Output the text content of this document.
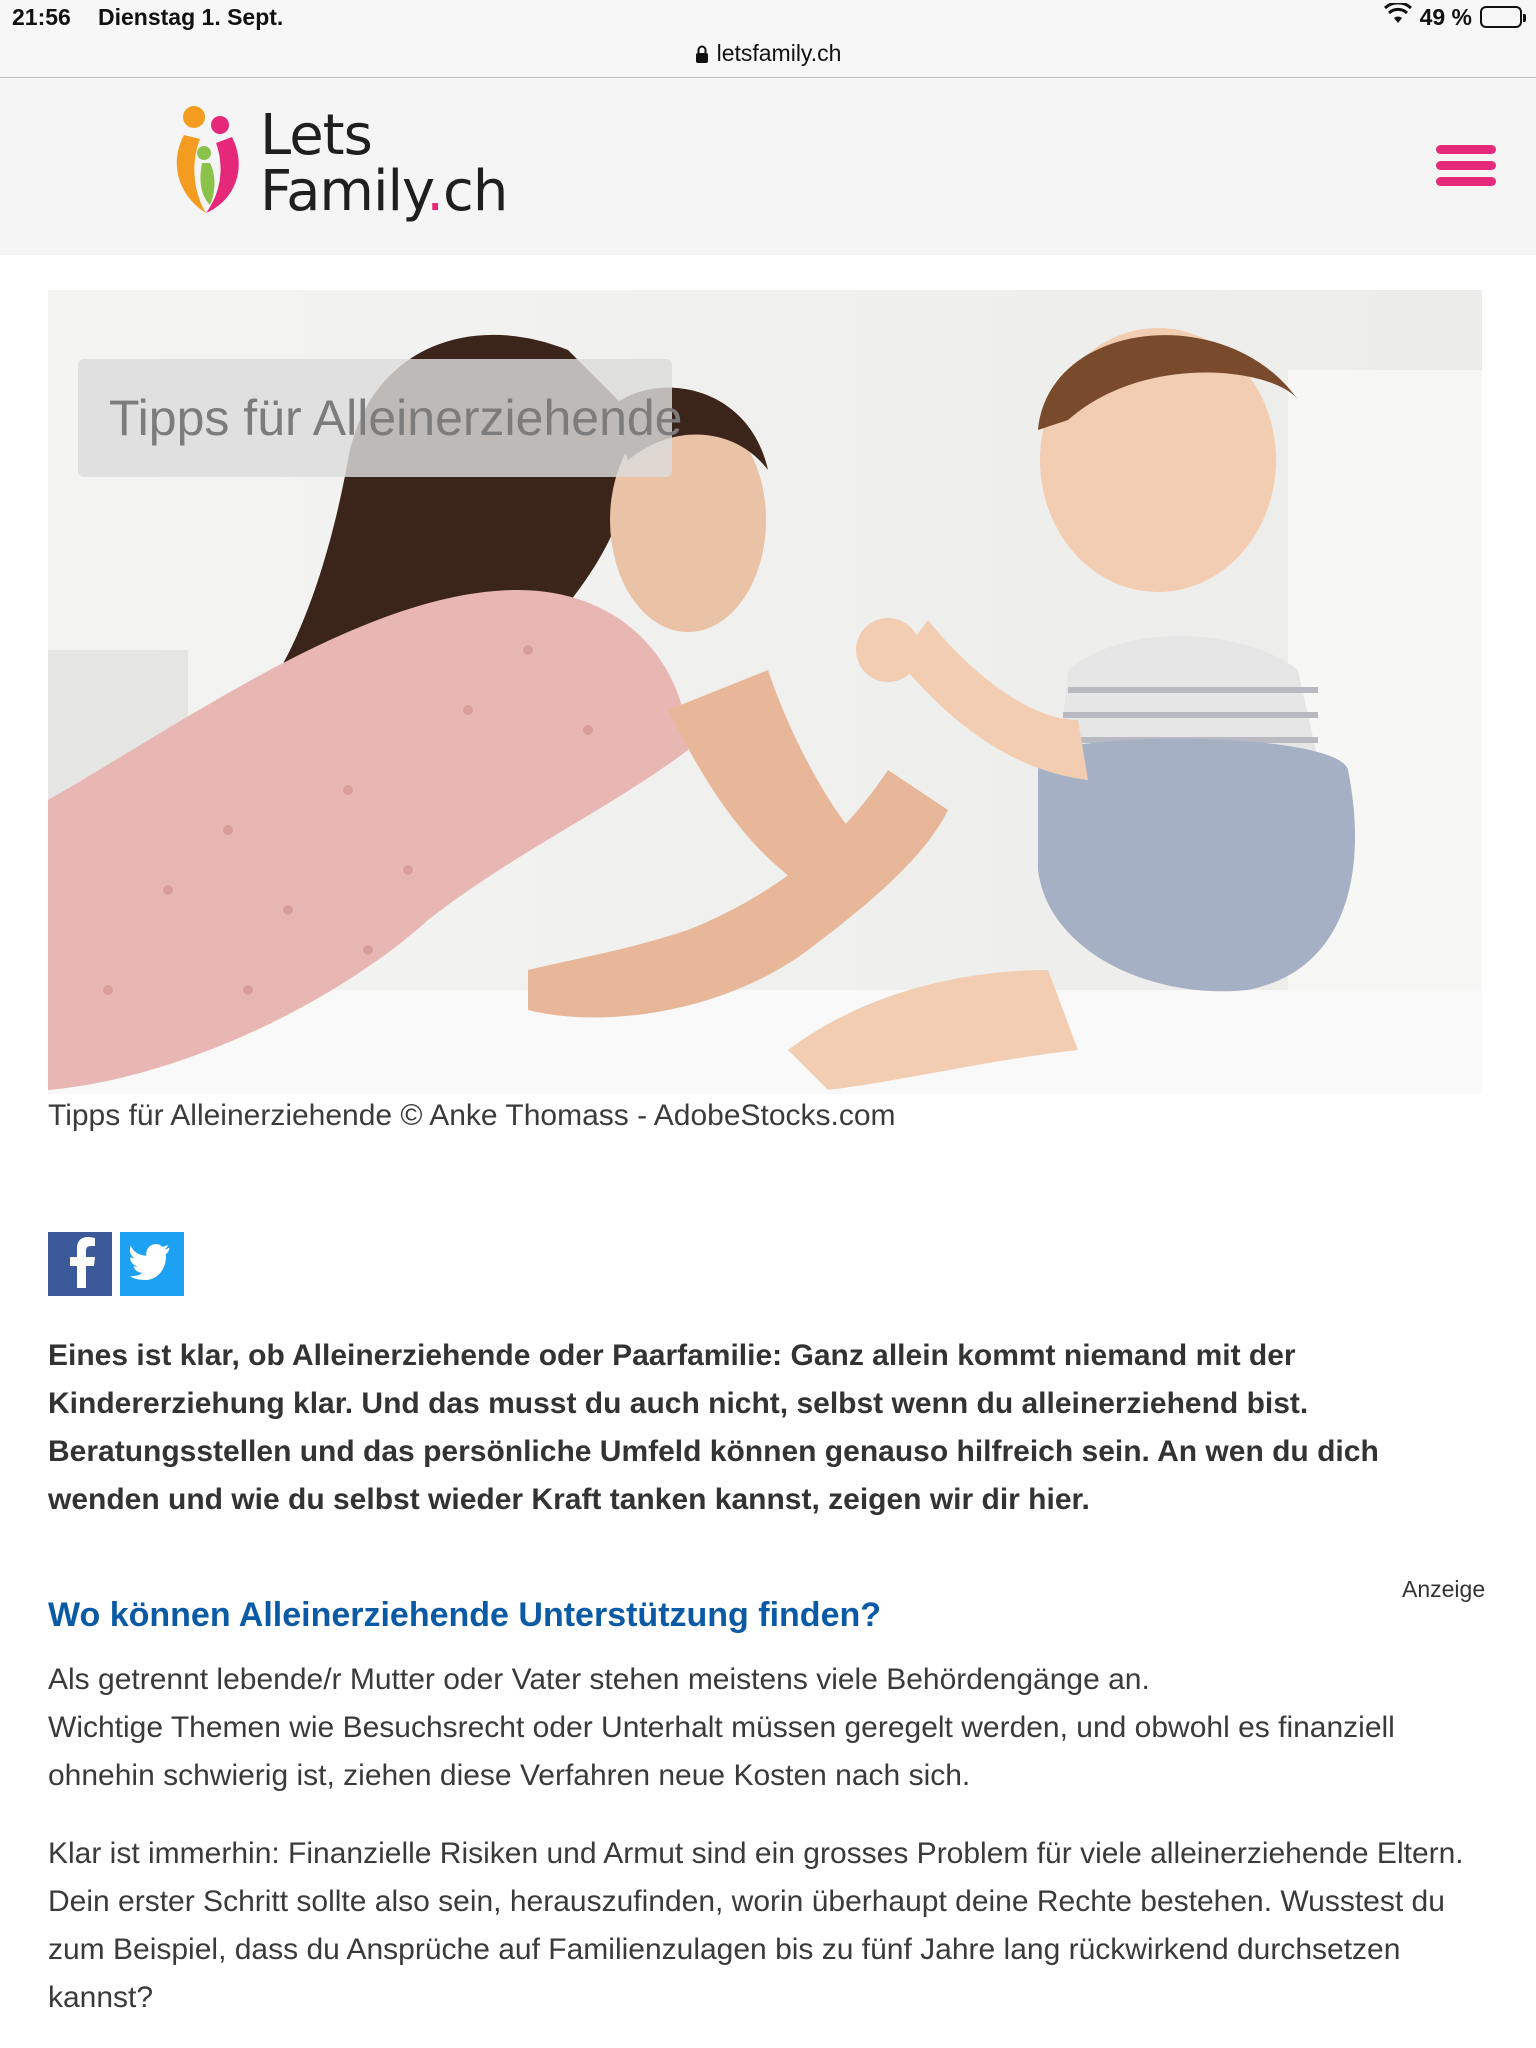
21:56 Dienstag 1. Sept.	49 %
letsfamily.ch
Lets
Family.ch
Tipps für Alleinerziehende
Tipps für Alleinerziehende © Anke Thomass - AdobeStocks.com

Eines ist klar, ob Alleinerziehende oder Paarfamilie: Ganz allein kommt niemand mit der Kindererziehung klar. Und das musst du auch nicht, selbst wenn du alleinerziehend bist. Beratungsstellen und das persönliche Umfeld können genauso hilfreich sein. An wen du dich wenden und wie du selbst wieder Kraft tanken kannst, zeigen wir dir hier.

Anzeige
Wo können Alleinerziehende Unterstützung finden?
Als getrennt lebende/r Mutter oder Vater stehen meistens viele Behördengänge an.
Wichtige Themen wie Besuchsrecht oder Unterhalt müssen geregelt werden, und obwohl es finanziell ohnehin schwierig ist, ziehen diese Verfahren neue Kosten nach sich.

Klar ist immerhin: Finanzielle Risiken und Armut sind ein grosses Problem für viele alleinerziehende Eltern. Dein erster Schritt sollte also sein, herauszufinden, worin überhaupt deine Rechte bestehen. Wusstest du zum Beispiel, dass du Ansprüche auf Familienzulagen bis zu fünf Jahre lang rückwirkend durchsetzen kannst?
